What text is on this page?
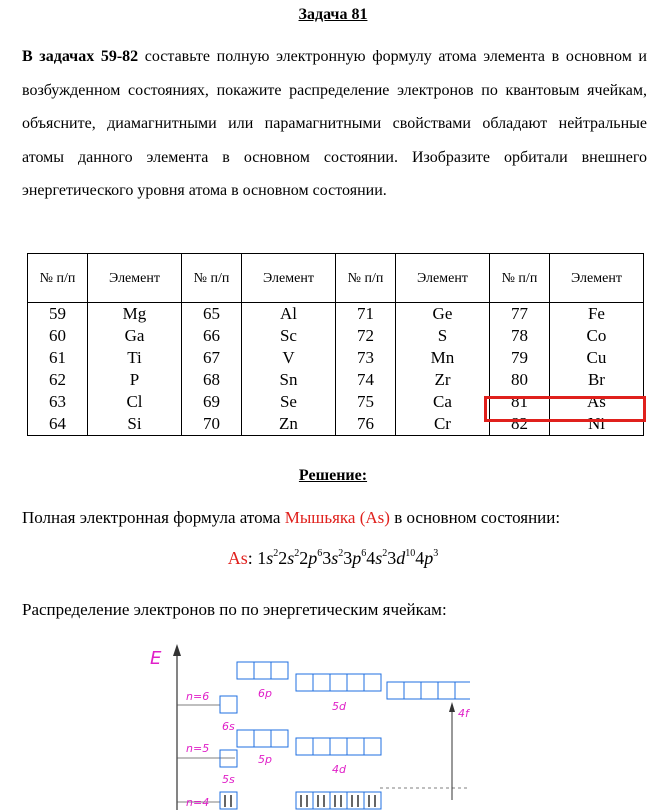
Задача 81

В задачах 59-82 составьте полную электронную формулу атома элемента в основном и возбужденном состояниях, покажите распределение электронов по квантовым ячейкам, объясните, диамагнитными или парамагнитными свойствами обладают нейтральные атомы данного элемента в основном состоянии. Изобразите орбитали внешнего энергетического уровня атома в основном состоянии.

№ п/п	Элемент	№ п/п	Элемент	№ п/п	Элемент	№ п/п	Элемент
59	Mg	65	Al	71	Ge	77	Fe
60	Ga	66	Sc	72	S	78	Co
61	Ti	67	V	73	Mn	79	Cu
62	P	68	Sn	74	Zr	80	Br
63	Cl	69	Se	75	Ca	81	As
64	Si	70	Zn	76	Cr	82	Ni
Решение:

Полная электронная формула атома Мышьяка (As) в основном состоянии:

As: $1s^22s^22p^63s^23p^64s^23d^{10}4p^3$

Распределение электронов по по энергетическим ячейкам:

E
n=6
n=5
n=4
6s
6p
5d
4f
5s
5p
4d
